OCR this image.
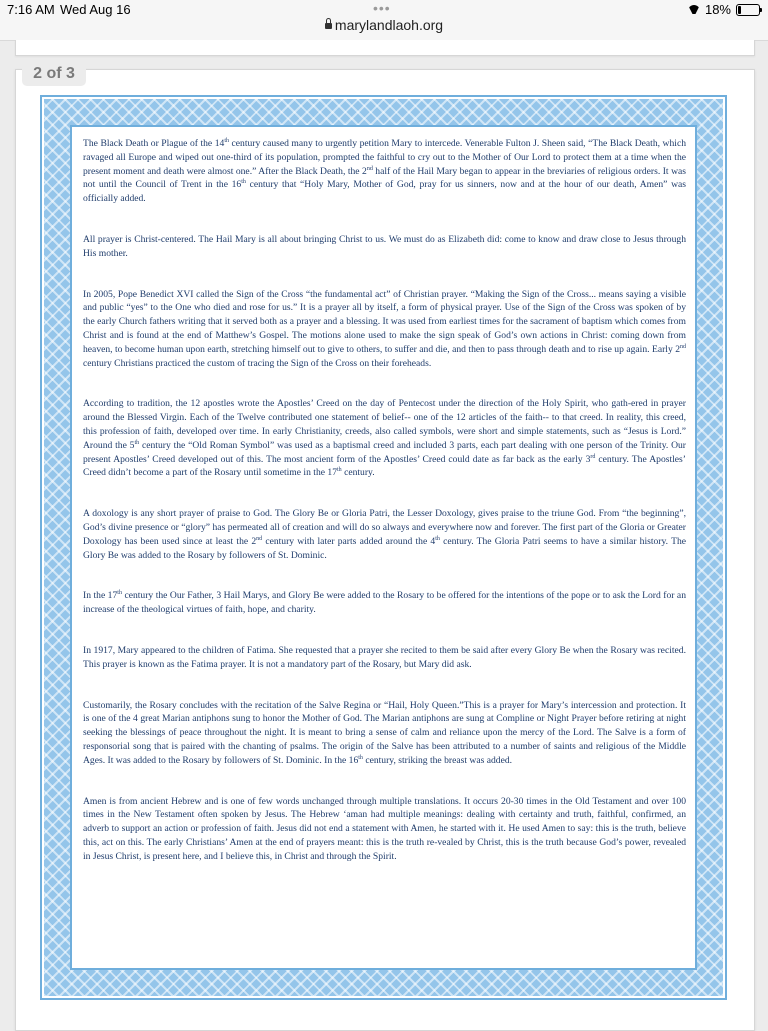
7:16 AM Wed Aug 16	•••
marylandlaoh.org
18%
2 of 3

The Black Death or Plague of the 14th century caused many to urgently petition Mary to intercede. Venerable Fulton J. Sheen said, “The Black Death, which ravaged all Europe and wiped out one-third of its population, prompted the faithful to cry out to the Mother of Our Lord to protect them at a time when the present moment and death were almost one.” After the Black Death, the 2nd half of the Hail Mary began to appear in the breviaries of religious orders. It was not until the Council of Trent in the 16th century that “Holy Mary, Mother of God, pray for us sinners, now and at the hour of our death, Amen” was officially added.

All prayer is Christ-centered. The Hail Mary is all about bringing Christ to us. We must do as Elizabeth did: come to know and draw close to Jesus through His mother.

In 2005, Pope Benedict XVI called the Sign of the Cross “the fundamental act” of Christian prayer. “Making the Sign of the Cross... means saying a visible and public “yes” to the One who died and rose for us.” It is a prayer all by itself, a form of physical prayer. Use of the Sign of the Cross was spoken of by the early Church fathers writing that it served both as a prayer and a blessing. It was used from earliest times for the sacrament of baptism which comes from Christ and is found at the end of Matthew’s Gospel. The motions alone used to make the sign speak of God’s own actions in Christ: coming down from heaven, to become human upon earth, stretching himself out to give to others, to suffer and die, and then to pass through death and to rise up again. Early 2nd century Christians practiced the custom of tracing the Sign of the Cross on their foreheads.

According to tradition, the 12 apostles wrote the Apostles’ Creed on the day of Pentecost under the direction of the Holy Spirit, who gath-ered in prayer around the Blessed Virgin. Each of the Twelve contributed one statement of belief-- one of the 12 articles of the faith-- to that creed. In reality, this creed, this profession of faith, developed over time. In early Christianity, creeds, also called symbols, were short and simple statements, such as “Jesus is Lord.” Around the 5th century the “Old Roman Symbol” was used as a baptismal creed and included 3 parts, each part dealing with one person of the Trinity. Our present Apostles’ Creed developed out of this. The most ancient form of the Apostles’ Creed could date as far back as the early 3rd century. The Apostles’ Creed didn’t become a part of the Rosary until sometime in the 17th century.

A doxology is any short prayer of praise to God. The Glory Be or Gloria Patri, the Lesser Doxology, gives praise to the triune God. From “the beginning”, God’s divine presence or “glory” has permeated all of creation and will do so always and everywhere now and forever. The first part of the Gloria or Greater Doxology has been used since at least the 2nd century with later parts added around the 4th century. The Gloria Patri seems to have a similar history. The Glory Be was added to the Rosary by followers of St. Dominic.

In the 17th century the Our Father, 3 Hail Marys, and Glory Be were added to the Rosary to be offered for the intentions of the pope or to ask the Lord for an increase of the theological virtues of faith, hope, and charity.

In 1917, Mary appeared to the children of Fatima. She requested that a prayer she recited to them be said after every Glory Be when the Rosary was recited. This prayer is known as the Fatima prayer. It is not a mandatory part of the Rosary, but Mary did ask.

Customarily, the Rosary concludes with the recitation of the Salve Regina or “Hail, Holy Queen.”This is a prayer for Mary’s intercession and protection. It is one of the 4 great Marian antiphons sung to honor the Mother of God. The Marian antiphons are sung at Compline or Night Prayer before retiring at night seeking the blessings of peace throughout the night. It is meant to bring a sense of calm and reliance upon the mercy of the Lord. The Salve is a form of responsorial song that is paired with the chanting of psalms. The origin of the Salve has been attributed to a number of saints and religious of the Middle Ages. It was added to the Rosary by followers of St. Dominic. In the 16th century, striking the breast was added.

Amen is from ancient Hebrew and is one of few words unchanged through multiple translations. It occurs 20-30 times in the Old Testament and over 100 times in the New Testament often spoken by Jesus. The Hebrew ‘aman had multiple meanings: dealing with certainty and truth, faithful, confirmed, an adverb to support an action or profession of faith. Jesus did not end a statement with Amen, he started with it. He used Amen to say: this is the truth, believe this, act on this. The early Christians’ Amen at the end of prayers meant: this is the truth re-vealed by Christ, this is the truth because God’s power, revealed in Jesus Christ, is present here, and I believe this, in Christ and through the Spirit.
